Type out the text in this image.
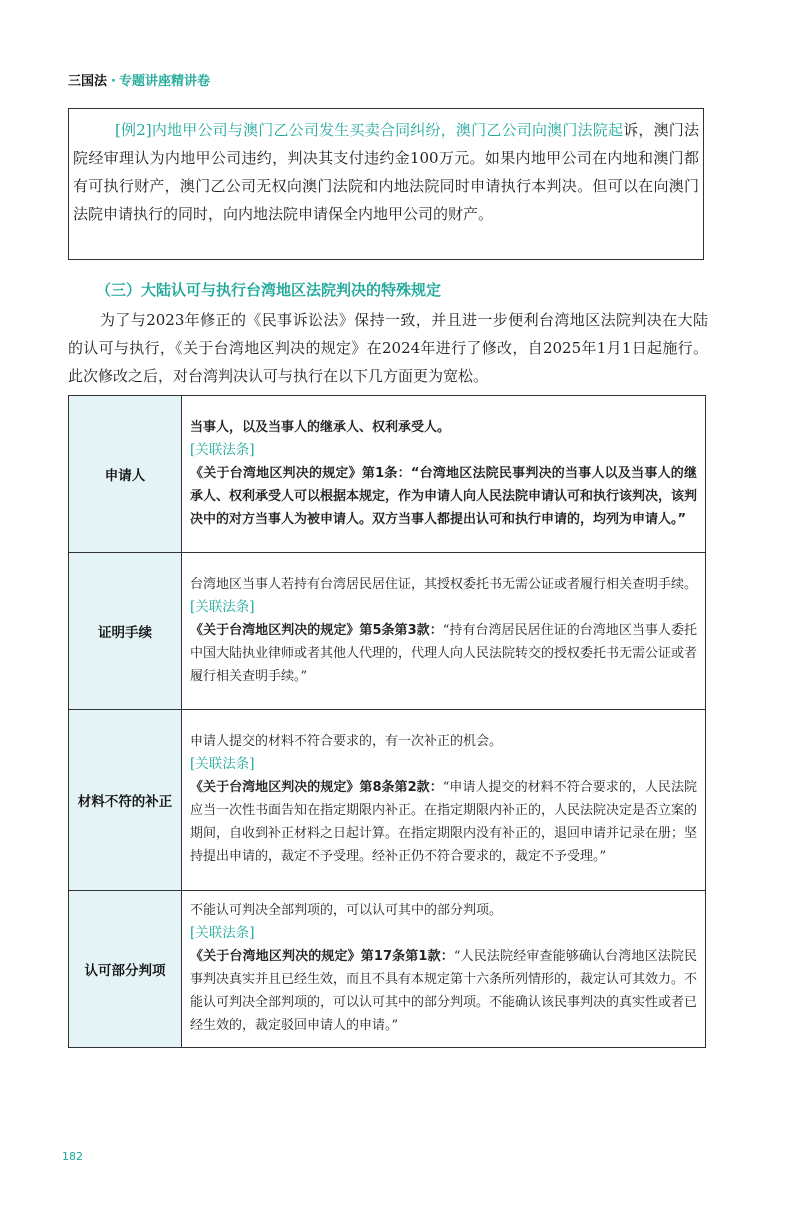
三国法 · 专题讲座精讲卷
[例2]内地甲公司与澳门乙公司发生买卖合同纠纷，澳门乙公司向澳门法院起诉，澳门法院经审理认为内地甲公司违约，判决其支付违约金100万元。如果内地甲公司在内地和澳门都有可执行财产，澳门乙公司无权向澳门法院和内地法院同时申请执行本判决。但可以在向澳门法院申请执行的同时，向内地法院申请保全内地甲公司的财产。
（三）大陆认可与执行台湾地区法院判决的特殊规定
为了与2023年修正的《民事诉讼法》保持一致，并且进一步便利台湾地区法院判决在大陆的认可与执行，《关于台湾地区判决的规定》在2024年进行了修改，自2025年1月1日起施行。此次修改之后，对台湾判决认可与执行在以下几方面更为宽松。
申请人	当事人，以及当事人的继承人、权利承受人。
[关联法条]
《关于台湾地区判决的规定》第1条：“台湾地区法院民事判决的当事人以及当事人的继承人、权利承受人可以根据本规定，作为申请人向人民法院申请认可和执行该判决，该判决中的对方当事人为被申请人。双方当事人都提出认可和执行申请的，均列为申请人。”

证明手续	台湾地区当事人若持有台湾居民居住证，其授权委托书无需公证或者履行相关查明手续。
[关联法条]
《关于台湾地区判决的规定》第5条第3款：“持有台湾居民居住证的台湾地区当事人委托中国大陆执业律师或者其他人代理的，代理人向人民法院转交的授权委托书无需公证或者履行相关查明手续。”

材料不符的补正	申请人提交的材料不符合要求的，有一次补正的机会。
[关联法条]
《关于台湾地区判决的规定》第8条第2款：“申请人提交的材料不符合要求的，人民法院应当一次性书面告知在指定期限内补正。在指定期限内补正的，人民法院决定是否立案的期间，自收到补正材料之日起计算。在指定期限内没有补正的，退回申请并记录在册；坚持提出申请的，裁定不予受理。经补正仍不符合要求的，裁定不予受理。”

认可部分判项	不能认可判决全部判项的，可以认可其中的部分判项。
[关联法条]
《关于台湾地区判决的规定》第17条第1款：“人民法院经审查能够确认台湾地区法院民事判决真实并且已经生效，而且不具有本规定第十六条所列情形的，裁定认可其效力。不能认可判决全部判项的，可以认可其中的部分判项。不能确认该民事判决的真实性或者已经生效的，裁定驳回申请人的申请。”
182
